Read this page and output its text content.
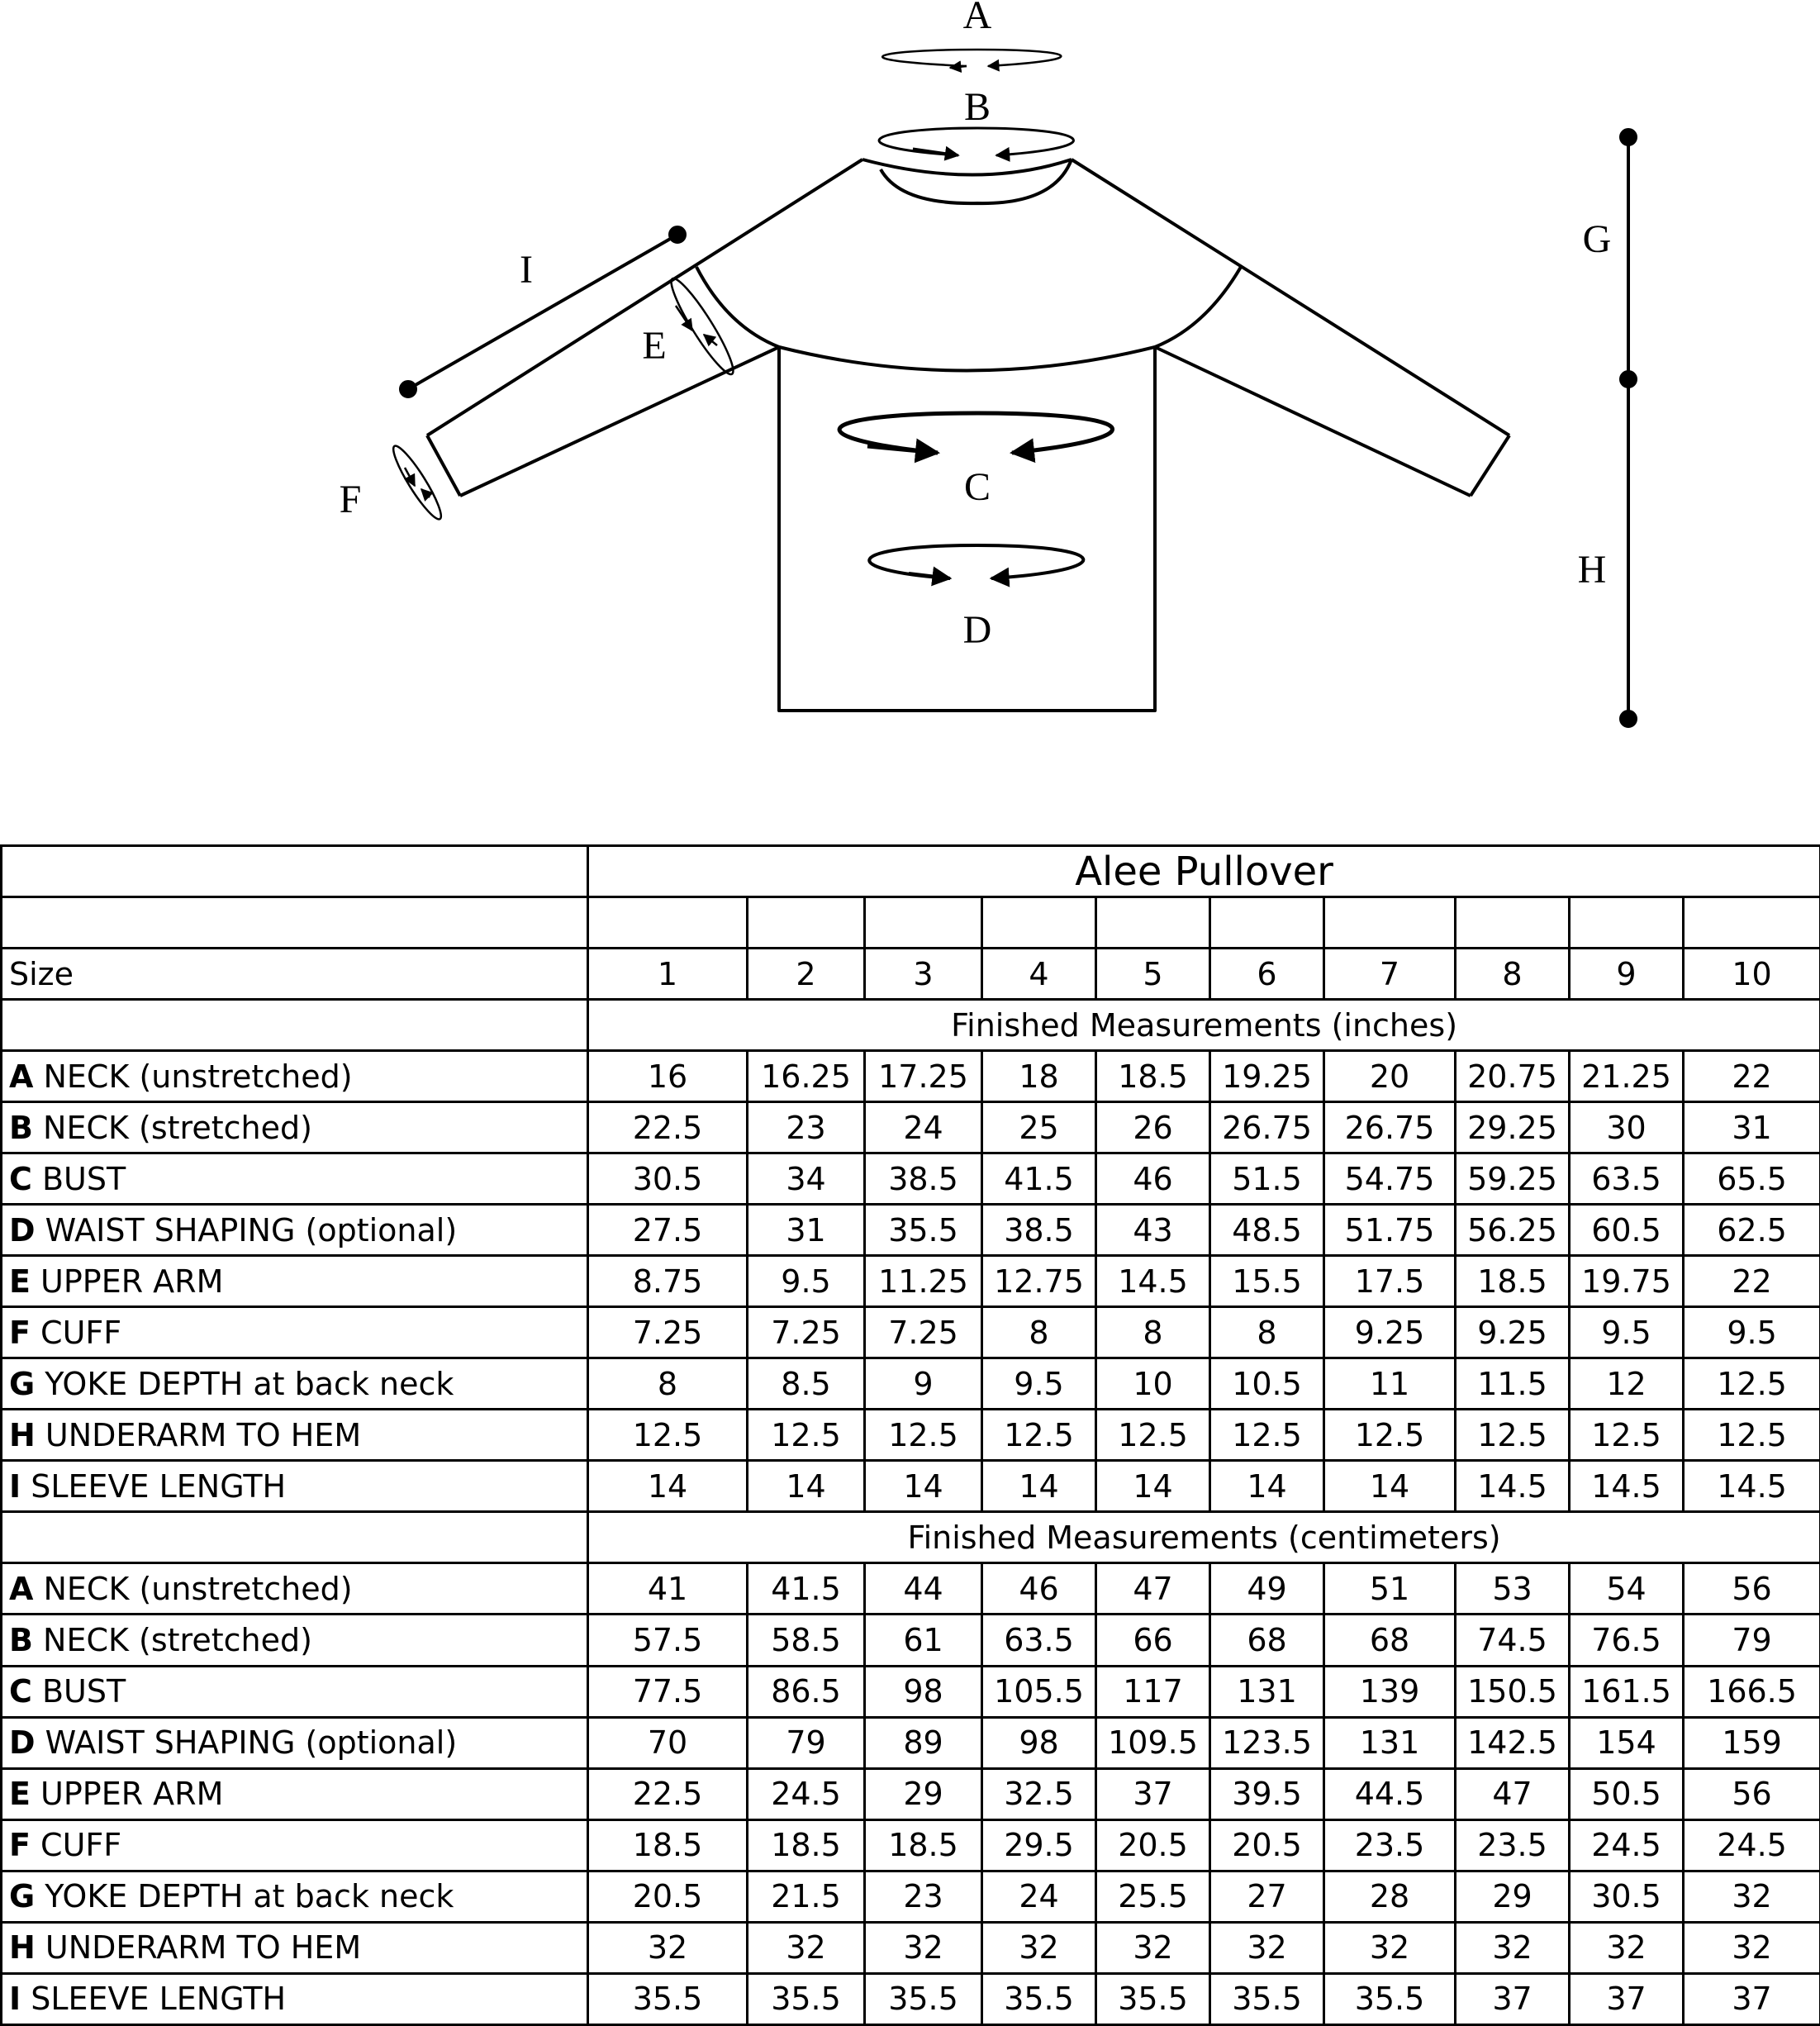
A
B
C
D
E
F
I
G
H
	Alee Pullover									

Size	1	2	3	4	5	6	7	8	9	10
	Finished Measurements (inches)									
A NECK (unstretched)	16	16.25	17.25	18	18.5	19.25	20	20.75	21.25	22
B NECK (stretched)	22.5	23	24	25	26	26.75	26.75	29.25	30	31
C BUST	30.5	34	38.5	41.5	46	51.5	54.75	59.25	63.5	65.5
D WAIST SHAPING (optional)	27.5	31	35.5	38.5	43	48.5	51.75	56.25	60.5	62.5
E UPPER ARM	8.75	9.5	11.25	12.75	14.5	15.5	17.5	18.5	19.75	22
F CUFF	7.25	7.25	7.25	8	8	8	9.25	9.25	9.5	9.5
G YOKE DEPTH at back neck	8	8.5	9	9.5	10	10.5	11	11.5	12	12.5
H UNDERARM TO HEM	12.5	12.5	12.5	12.5	12.5	12.5	12.5	12.5	12.5	12.5
I SLEEVE LENGTH	14	14	14	14	14	14	14	14.5	14.5	14.5
	Finished Measurements (centimeters)									
A NECK (unstretched)	41	41.5	44	46	47	49	51	53	54	56
B NECK (stretched)	57.5	58.5	61	63.5	66	68	68	74.5	76.5	79
C BUST	77.5	86.5	98	105.5	117	131	139	150.5	161.5	166.5
D WAIST SHAPING (optional)	70	79	89	98	109.5	123.5	131	142.5	154	159
E UPPER ARM	22.5	24.5	29	32.5	37	39.5	44.5	47	50.5	56
F CUFF	18.5	18.5	18.5	29.5	20.5	20.5	23.5	23.5	24.5	24.5
G YOKE DEPTH at back neck	20.5	21.5	23	24	25.5	27	28	29	30.5	32
H UNDERARM TO HEM	32	32	32	32	32	32	32	32	32	32
I SLEEVE LENGTH	35.5	35.5	35.5	35.5	35.5	35.5	35.5	37	37	37
